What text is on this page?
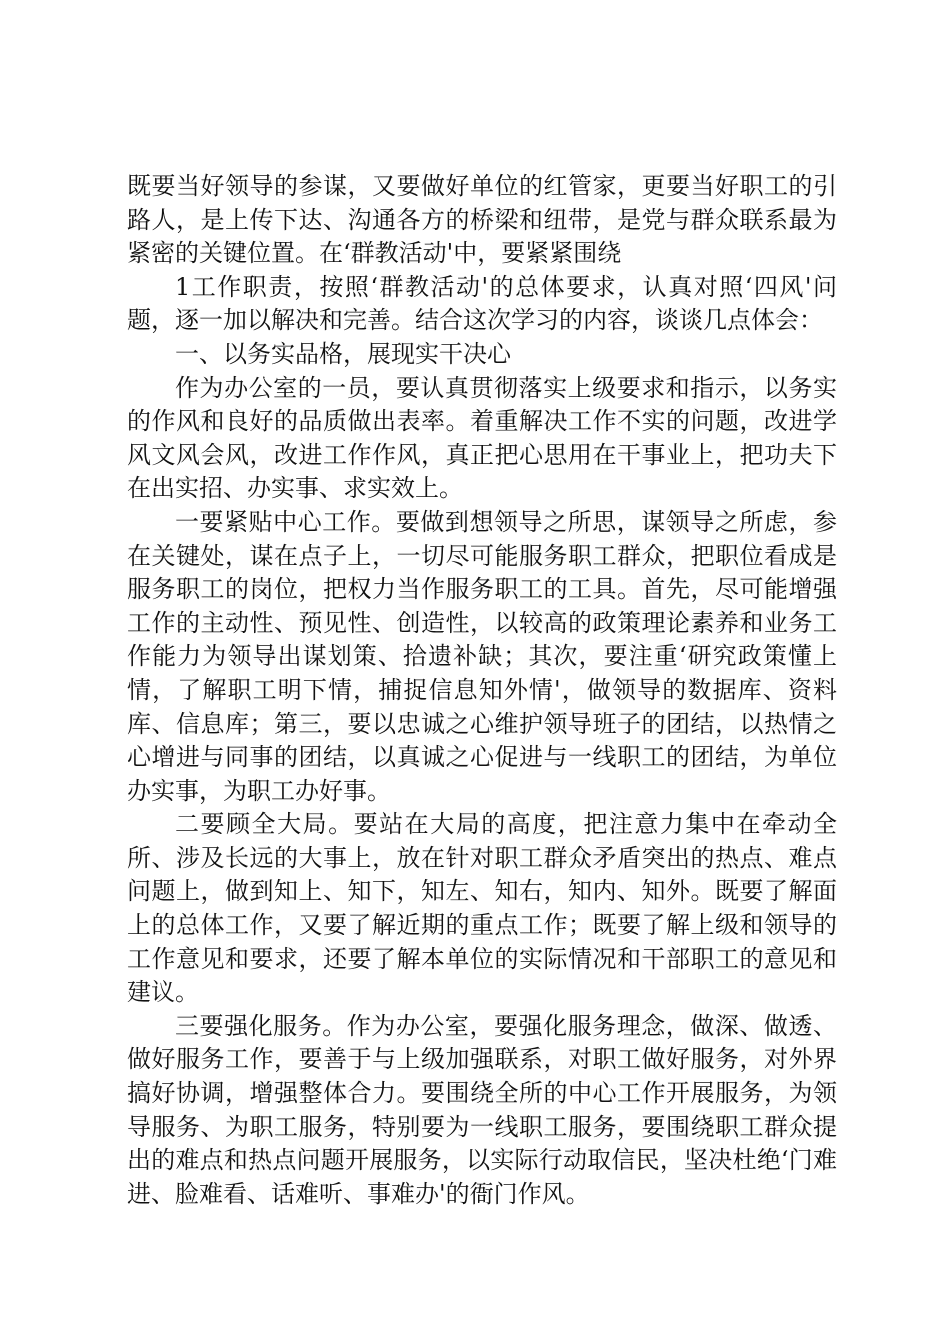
既要当好领导的参谋，又要做好单位的红管家，更要当好职工的引路人，是上传下达、沟通各方的桥梁和纽带，是党与群众联系最为紧密的关键位置。在‘群教活动'中，要紧紧围绕

1工作职责，按照‘群教活动'的总体要求，认真对照‘四风'问题，逐一加以解决和完善。结合这次学习的内容，谈谈几点体会：

一、以务实品格，展现实干决心

作为办公室的一员，要认真贯彻落实上级要求和指示，以务实的作风和良好的品质做出表率。着重解决工作不实的问题，改进学风文风会风，改进工作作风，真正把心思用在干事业上，把功夫下在出实招、办实事、求实效上。

一要紧贴中心工作。要做到想领导之所思，谋领导之所虑，参在关键处，谋在点子上，一切尽可能服务职工群众，把职位看成是服务职工的岗位，把权力当作服务职工的工具。首先，尽可能增强工作的主动性、预见性、创造性，以较高的政策理论素养和业务工作能力为领导出谋划策、拾遗补缺；其次，要注重‘研究政策懂上情，了解职工明下情，捕捉信息知外情'，做领导的数据库、资料库、信息库；第三，要以忠诚之心维护领导班子的团结，以热情之心增进与同事的团结，以真诚之心促进与一线职工的团结，为单位办实事，为职工办好事。

二要顾全大局。要站在大局的高度，把注意力集中在牵动全所、涉及长远的大事上，放在针对职工群众矛盾突出的热点、难点问题上，做到知上、知下，知左、知右，知内、知外。既要了解面上的总体工作，又要了解近期的重点工作；既要了解上级和领导的工作意见和要求，还要了解本单位的实际情况和干部职工的意见和建议。

三要强化服务。作为办公室，要强化服务理念，做深、做透、做好服务工作，要善于与上级加强联系，对职工做好服务，对外界搞好协调，增强整体合力。要围绕全所的中心工作开展服务，为领导服务、为职工服务，特别要为一线职工服务，要围绕职工群众提出的难点和热点问题开展服务，以实际行动取信民，坚决杜绝‘门难进、脸难看、话难听、事难办'的衙门作风。
